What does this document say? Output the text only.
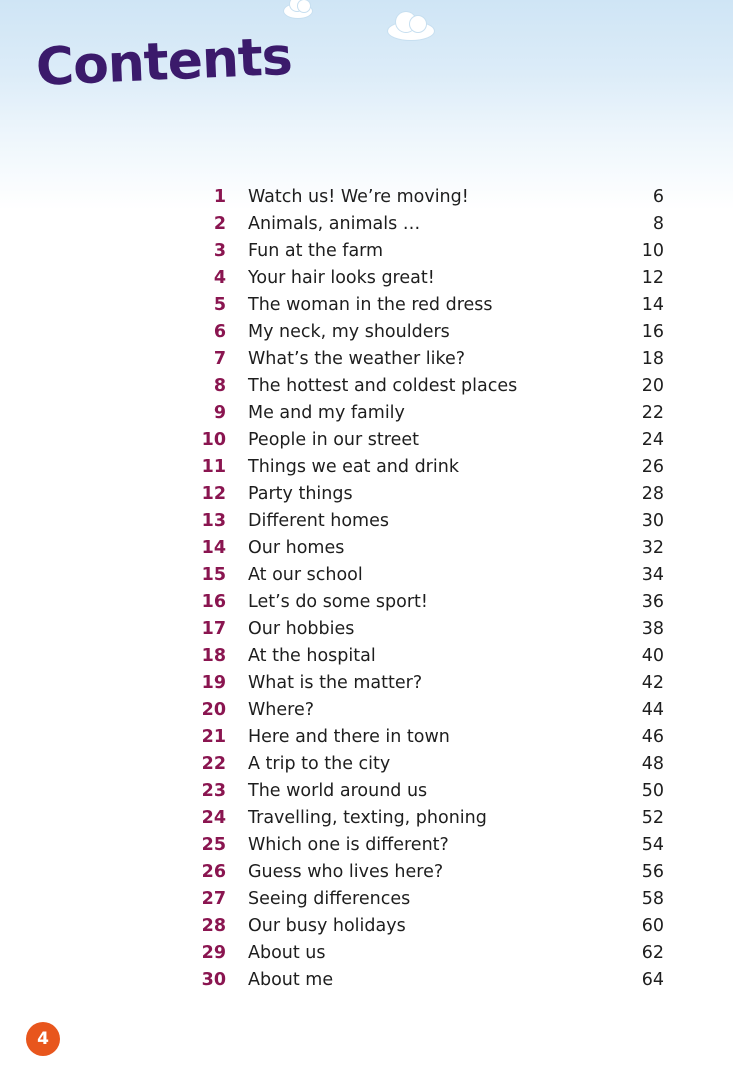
Contents
1 Watch us! We’re moving!	6
2 Animals, animals …	8
3 Fun at the farm	10
4 Your hair looks great!	12
5 The woman in the red dress	14
6 My neck, my shoulders	16
7 What’s the weather like?	18
8 The hottest and coldest places	20
9 Me and my family	22
10 People in our street	24
11 Things we eat and drink	26
12 Party things	28
13 Different homes	30
14 Our homes	32
15 At our school	34
16 Let’s do some sport!	36
17 Our hobbies	38
18 At the hospital	40
19 What is the matter?	42
20 Where?	44
21 Here and there in town	46
22 A trip to the city	48
23 The world around us	50
24 Travelling, texting, phoning	52
25 Which one is different?	54
26 Guess who lives here?	56
27 Seeing differences	58
28 Our busy holidays	60
29 About us	62
30 About me	64
4
